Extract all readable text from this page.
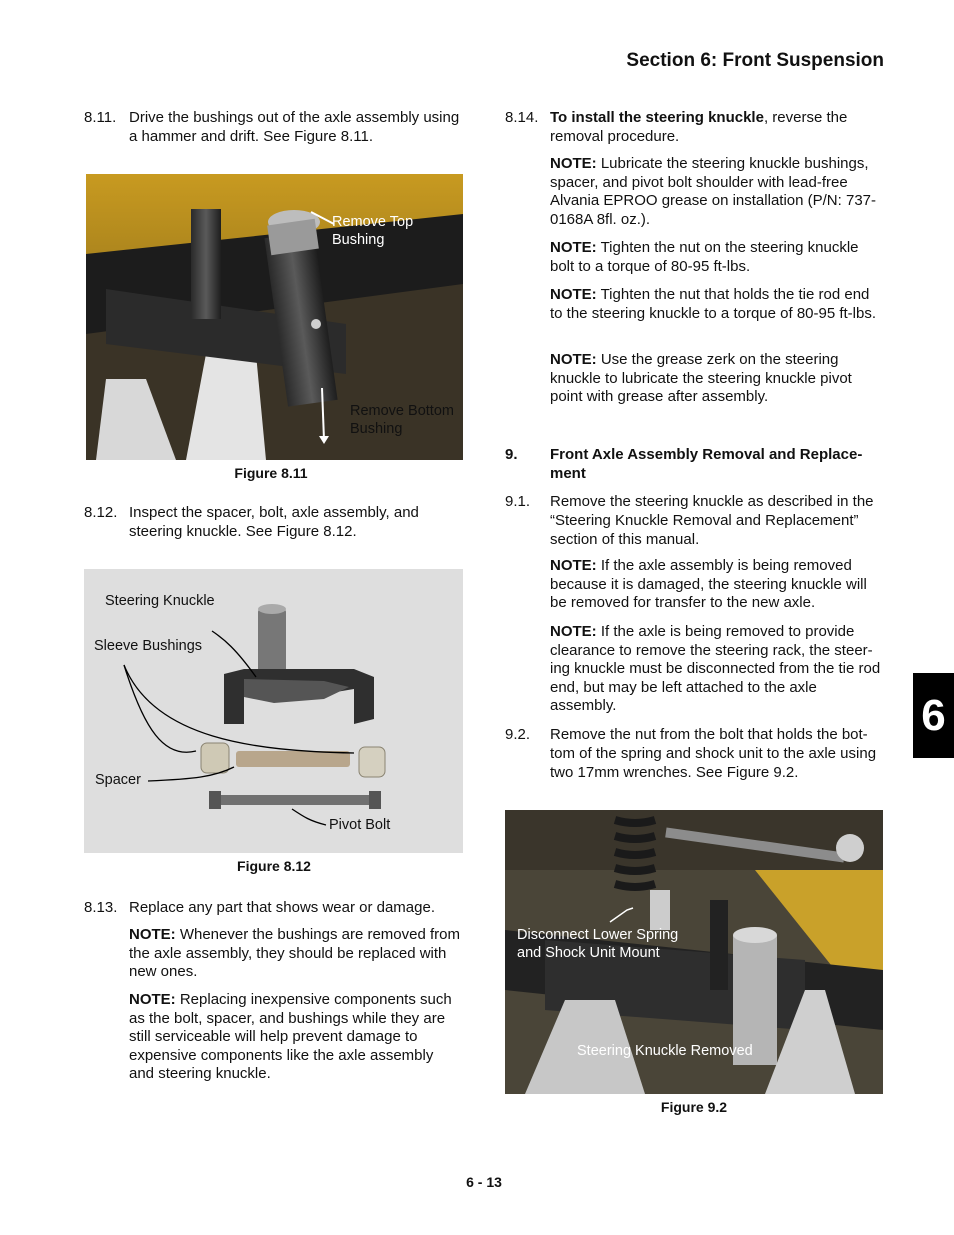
Section 6: Front Suspension
8.11. Drive the bushings out of the axle assembly using a hammer and drift. See Figure 8.11.
Remove Top Bushing
Remove Bottom Bushing
Figure 8.11
8.12. Inspect the spacer, bolt, axle assembly, and steering knuckle. See Figure 8.12.
Steering Knuckle
Sleeve Bushings
Spacer
Pivot Bolt
Figure 8.12
8.13. Replace any part that shows wear or damage.
NOTE: Whenever the bushings are removed from the axle assembly, they should be replaced with new ones.
NOTE: Replacing inexpensive components such as the bolt, spacer, and bushings while they are still serviceable will help prevent damage to expensive components like the axle assembly and steering knuckle.
8.14. To install the steering knuckle, reverse the removal procedure.
NOTE: Lubricate the steering knuckle bushings, spacer, and pivot bolt shoulder with lead-free Alvania EPROO grease on installation (P/N: 737-0168A 8fl. oz.).
NOTE: Tighten the nut on the steering knuckle bolt to a torque of 80-95 ft-lbs.
NOTE: Tighten the nut that holds the tie rod end to the steering knuckle to a torque of 80-95 ft-lbs.
NOTE: Use the grease zerk on the steering knuckle to lubricate the steering knuckle pivot point with grease after assembly.
9. Front Axle Assembly Removal and Replace-ment
9.1. Remove the steering knuckle as described in the “Steering Knuckle Removal and Replacement” section of this manual.
NOTE: If the axle assembly is being removed because it is damaged, the steering knuckle will be removed for transfer to the new axle.
NOTE: If the axle is being removed to provide clearance to remove the steering rack, the steer-ing knuckle must be disconnected from the tie rod end, but may be left attached to the axle assembly.
9.2. Remove the nut from the bolt that holds the bot-tom of the spring and shock unit to the axle using two 17mm wrenches. See Figure 9.2.
Disconnect Lower Spring and Shock Unit Mount
Steering Knuckle Removed
Figure 9.2
6
6 - 13
